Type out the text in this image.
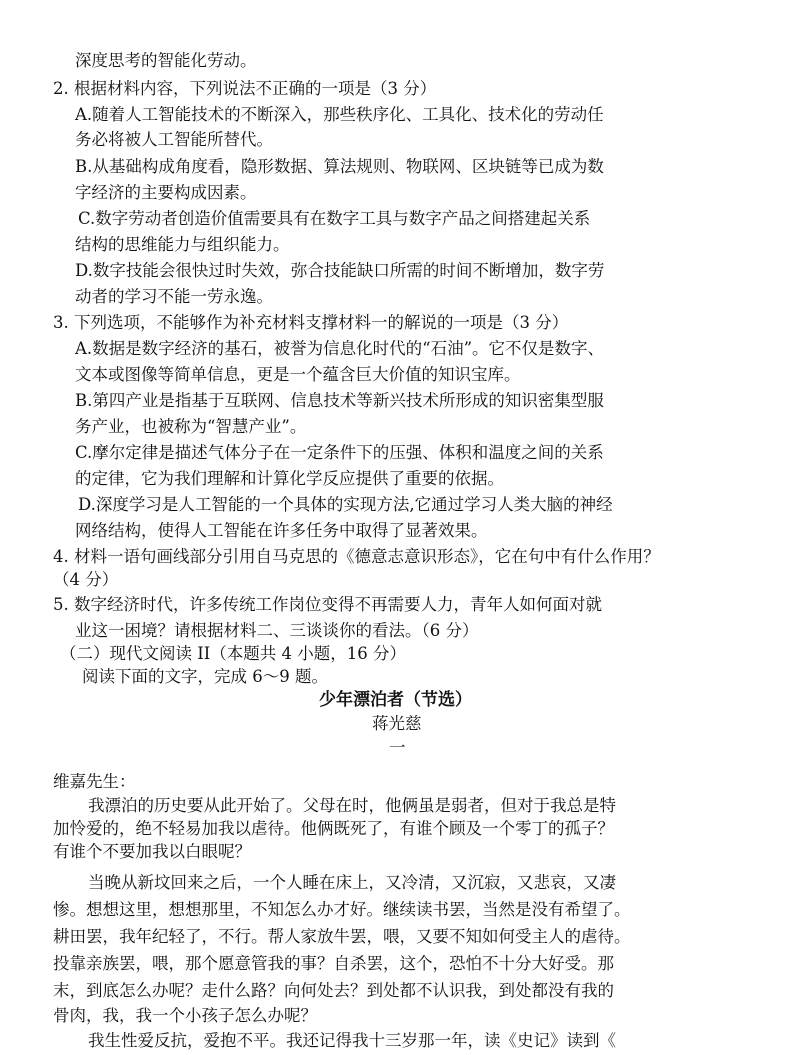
深度思考的智能化劳动。
2. 根据材料内容，下列说法不正确的一项是（3 分）
A.随着人工智能技术的不断深入，那些秩序化、工具化、技术化的劳动任
务必将被人工智能所替代。
B.从基础构成角度看，隐形数据、算法规则、物联网、区块链等已成为数
字经济的主要构成因素。
C.数字劳动者创造价值需要具有在数字工具与数字产品之间搭建起关系
结构的思维能力与组织能力。
D.数字技能会很快过时失效，弥合技能缺口所需的时间不断增加，数字劳
动者的学习不能一劳永逸。
3. 下列选项，不能够作为补充材料支撑材料一的解说的一项是（3 分）
A.数据是数字经济的基石，被誉为信息化时代的“石油”。它不仅是数字、
文本或图像等简单信息，更是一个蕴含巨大价值的知识宝库。
B.第四产业是指基于互联网、信息技术等新兴技术所形成的知识密集型服
务产业，也被称为“智慧产业”。
C.摩尔定律是描述气体分子在一定条件下的压强、体积和温度之间的关系
的定律，它为我们理解和计算化学反应提供了重要的依据。
D.深度学习是人工智能的一个具体的实现方法,它通过学习人类大脑的神经
网络结构，使得人工智能在许多任务中取得了显著效果。
4. 材料一语句画线部分引用自马克思的《德意志意识形态》，它在句中有什么作用？
（4 分）
5. 数字经济时代，许多传统工作岗位变得不再需要人力，青年人如何面对就
业这一困境？请根据材料二、三谈谈你的看法。（6 分）
（二）现代文阅读 II（本题共 4 小题，16 分）
阅读下面的文字，完成 6～9 题。
少年漂泊者（节选）
蒋光慈
一
维嘉先生：
我漂泊的历史要从此开始了。父母在时，他俩虽是弱者，但对于我总是特
加怜爱的，绝不轻易加我以虐待。他俩既死了，有谁个顾及一个零丁的孤子？
有谁个不要加我以白眼呢？
当晚从新坟回来之后，一个人睡在床上，又冷清，又沉寂，又悲哀，又凄
惨。想想这里，想想那里，不知怎么办才好。继续读书罢，当然是没有希望了。
耕田罢，我年纪轻了，不行。帮人家放牛罢，喂，又要不知如何受主人的虐待。
投靠亲族罢，喂，那个愿意管我的事？自杀罢，这个，恐怕不十分大好受。那
末，到底怎么办呢？走什么路？向何处去？到处都不认识我，到处都没有我的
骨肉，我，我一个小孩子怎么办呢？
我生性爱反抗，爱抱不平。我还记得我十三岁那一年，读《史记》读到《
